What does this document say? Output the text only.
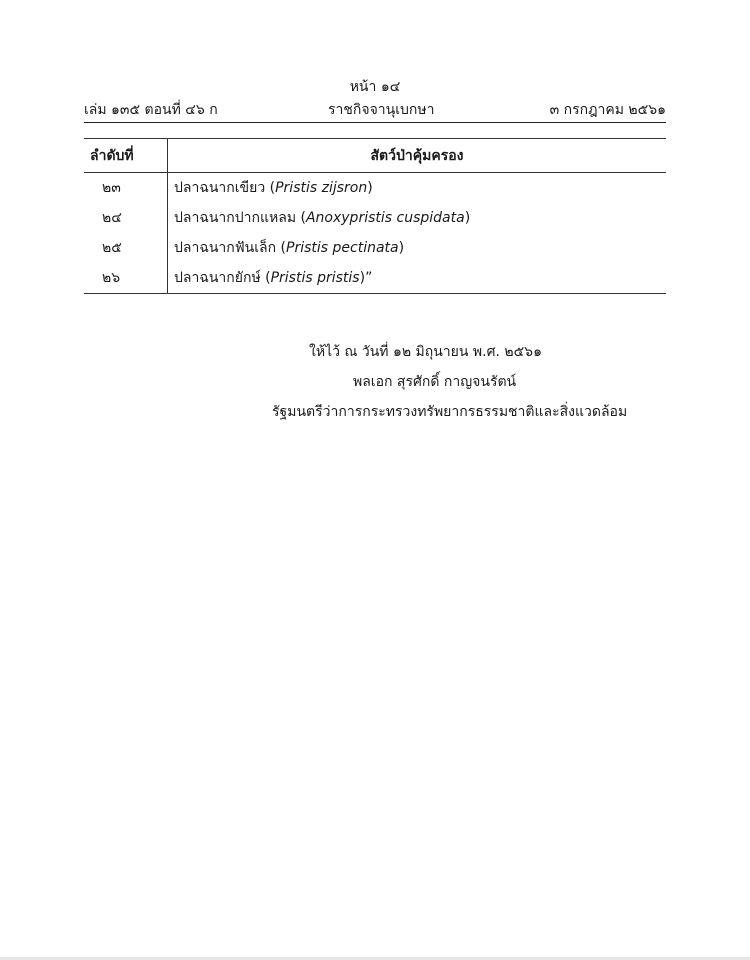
หน้า ๑๔
เล่ม ๑๓๕ ตอนที่ ๔๖ ก	ราชกิจจานุเบกษา	๓ กรกฎาคม ๒๕๖๑
ลำดับที่	สัตว์ป่าคุ้มครอง
๒๓	ปลาฉนากเขียว (Pristis zijsron)
๒๔	ปลาฉนากปากแหลม (Anoxypristis cuspidata)
๒๕	ปลาฉนากฟันเล็ก (Pristis pectinata)
๒๖	ปลาฉนากยักษ์ (Pristis pristis)”
ให้ไว้ ณ วันที่ ๑๒ มิถุนายน พ.ศ. ๒๕๖๑
พลเอก สุรศักดิ์ กาญจนรัตน์
รัฐมนตรีว่าการกระทรวงทรัพยากรธรรมชาติและสิ่งแวดล้อม
